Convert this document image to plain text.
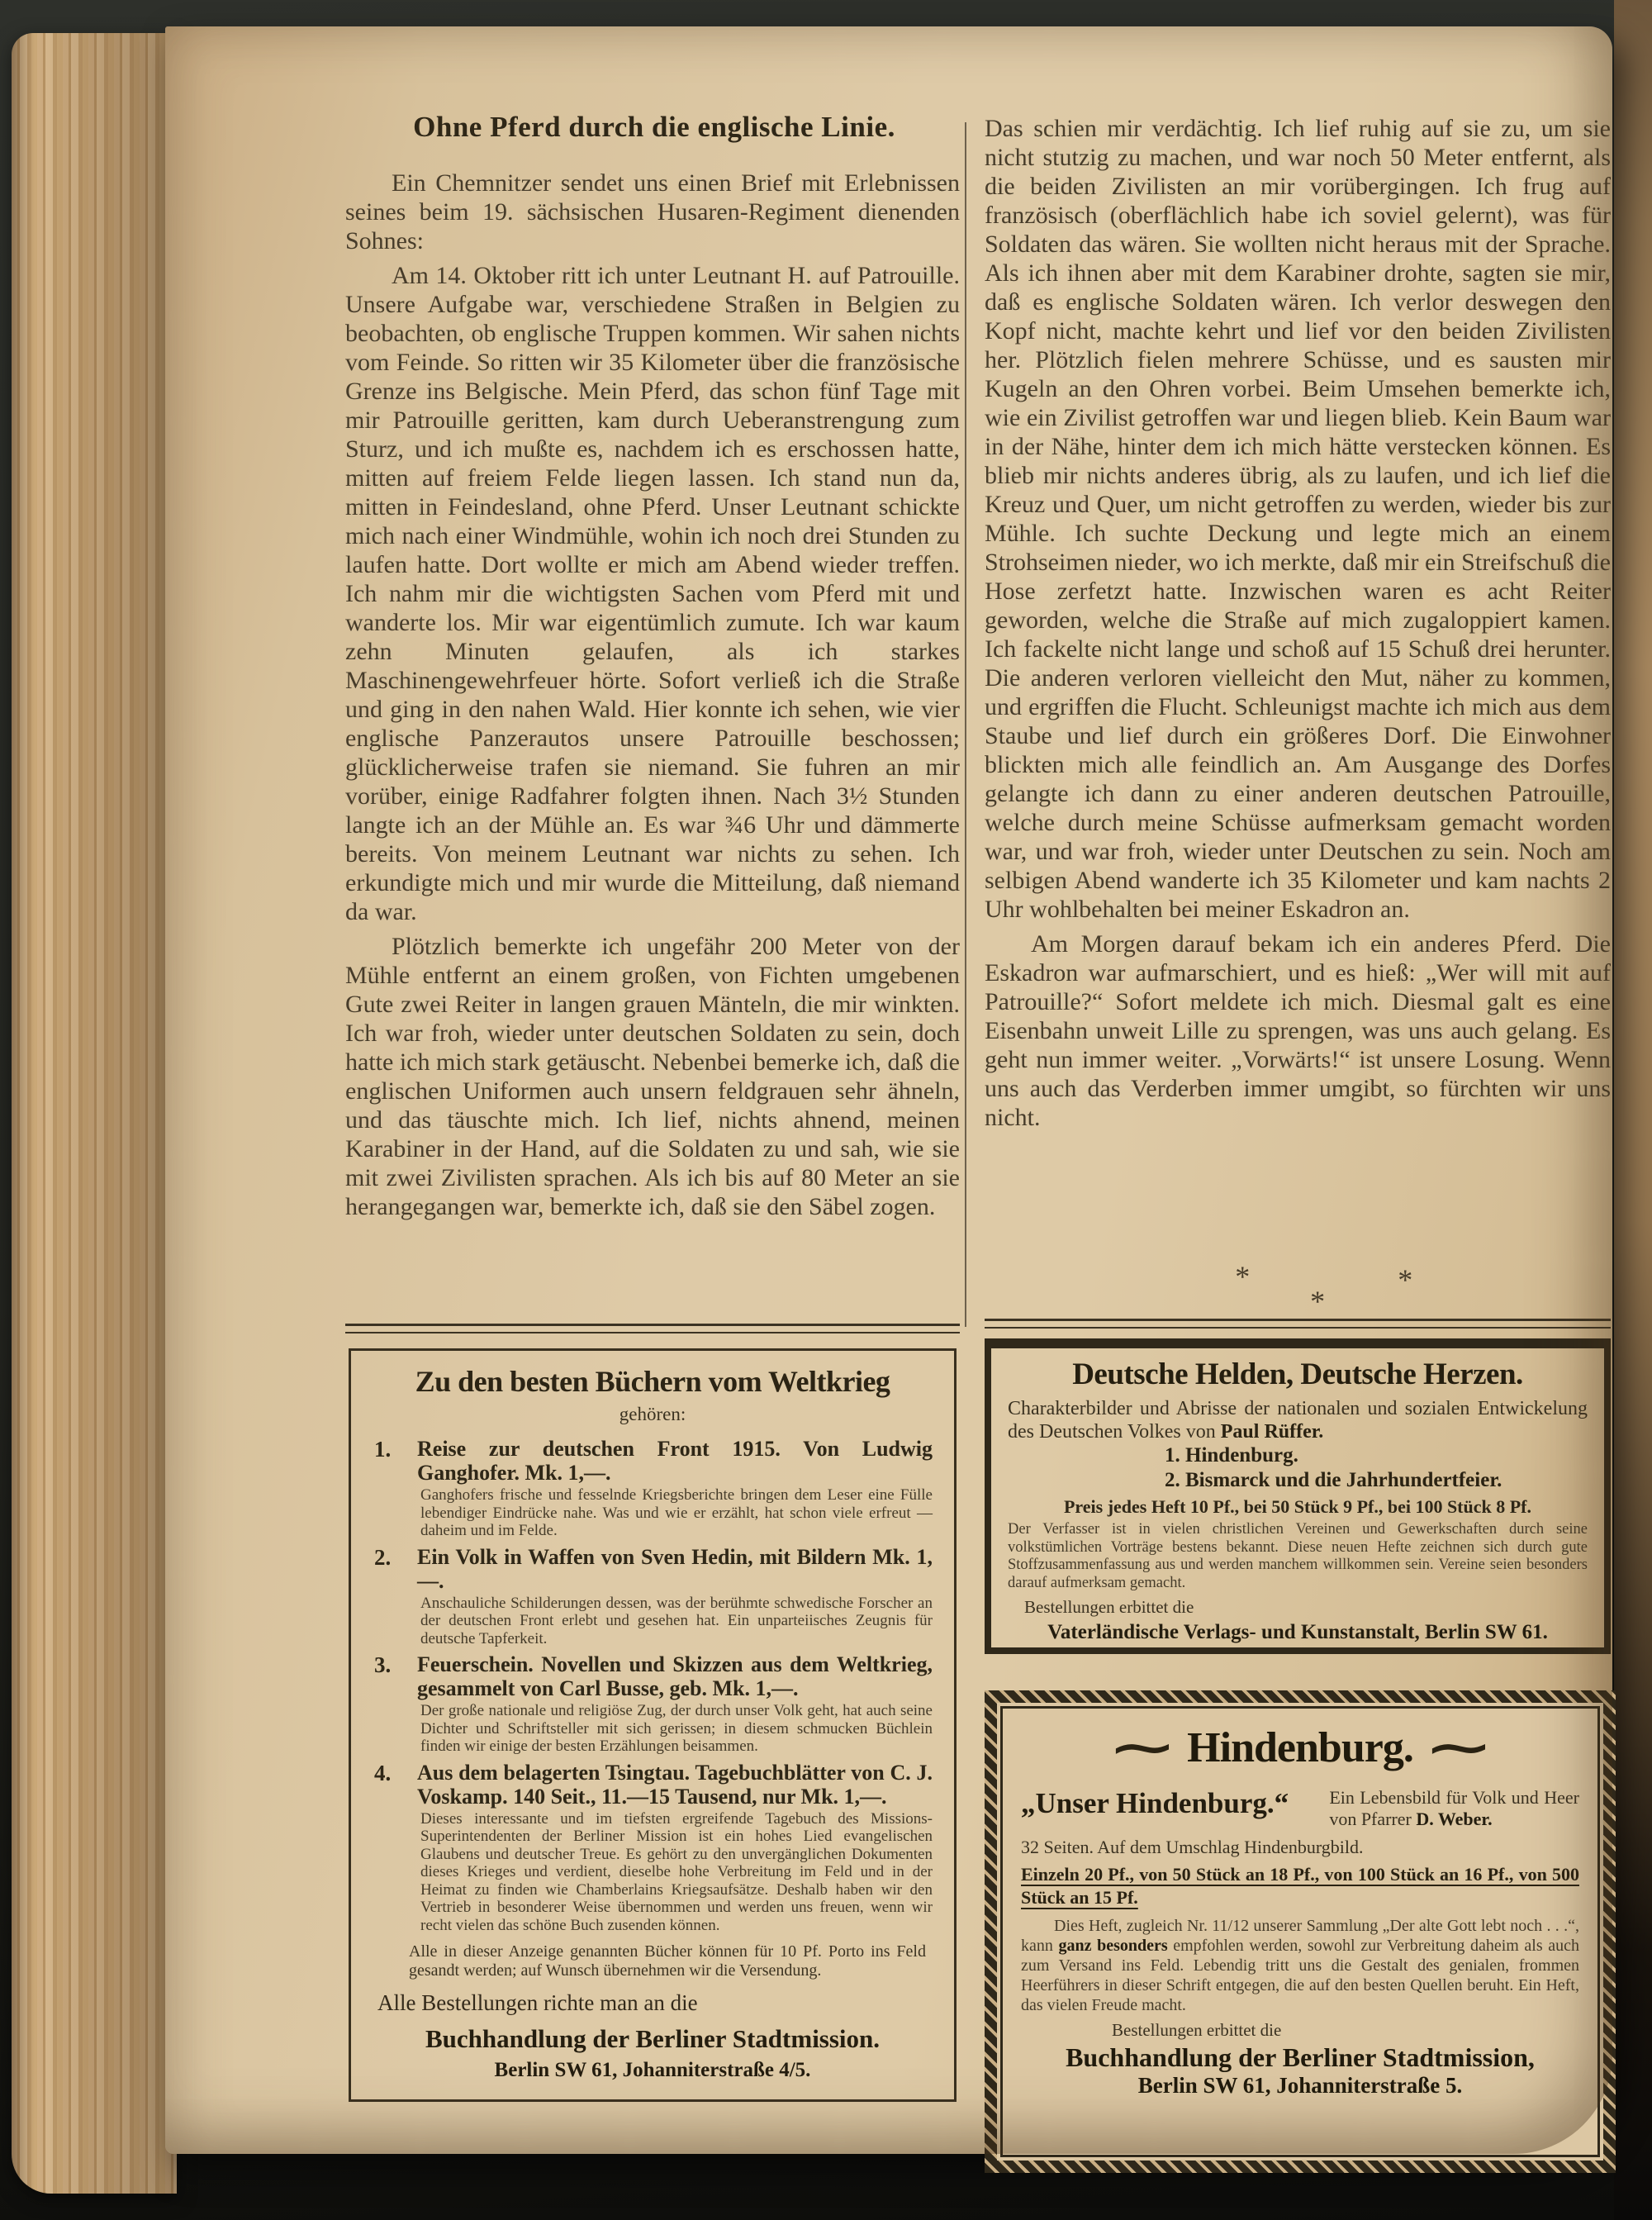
Ohne Pferd durch die englische Linie.

Ein Chemnitzer sendet uns einen Brief mit Erlebnissen seines beim 19. sächsischen Husaren-Regiment dienenden Sohnes:

Am 14. Oktober ritt ich unter Leutnant H. auf Patrouille. Unsere Aufgabe war, verschiedene Straßen in Belgien zu beobachten, ob englische Truppen kommen. Wir sahen nichts vom Feinde. So ritten wir 35 Kilometer über die französische Grenze ins Belgische. Mein Pferd, das schon fünf Tage mit mir Patrouille geritten, kam durch Ueberanstrengung zum Sturz, und ich mußte es, nachdem ich es erschossen hatte, mitten auf freiem Felde liegen lassen. Ich stand nun da, mitten in Feindesland, ohne Pferd. Unser Leutnant schickte mich nach einer Windmühle, wohin ich noch drei Stunden zu laufen hatte. Dort wollte er mich am Abend wieder treffen. Ich nahm mir die wichtigsten Sachen vom Pferd mit und wanderte los. Mir war eigentümlich zumute. Ich war kaum zehn Minuten gelaufen, als ich starkes Maschinengewehrfeuer hörte. Sofort verließ ich die Straße und ging in den nahen Wald. Hier konnte ich sehen, wie vier englische Panzerautos unsere Patrouille beschossen; glücklicherweise trafen sie niemand. Sie fuhren an mir vorüber, einige Radfahrer folgten ihnen. Nach 3½ Stunden langte ich an der Mühle an. Es war ¾6 Uhr und dämmerte bereits. Von meinem Leutnant war nichts zu sehen. Ich erkundigte mich und mir wurde die Mitteilung, daß niemand da war.

Plötzlich bemerkte ich ungefähr 200 Meter von der Mühle entfernt an einem großen, von Fichten umgebenen Gute zwei Reiter in langen grauen Mänteln, die mir winkten. Ich war froh, wieder unter deutschen Soldaten zu sein, doch hatte ich mich stark getäuscht. Nebenbei bemerke ich, daß die englischen Uniformen auch unsern feldgrauen sehr ähneln, und das täuschte mich. Ich lief, nichts ahnend, meinen Karabiner in der Hand, auf die Soldaten zu und sah, wie sie mit zwei Zivilisten sprachen. Als ich bis auf 80 Meter an sie herangegangen war, bemerkte ich, daß sie den Säbel zogen.

Das schien mir verdächtig. Ich lief ruhig auf sie zu, um sie nicht stutzig zu machen, und war noch 50 Meter entfernt, als die beiden Zivilisten an mir vorübergingen. Ich frug auf französisch (oberflächlich habe ich soviel gelernt), was für Soldaten das wären. Sie wollten nicht heraus mit der Sprache. Als ich ihnen aber mit dem Karabiner drohte, sagten sie mir, daß es englische Soldaten wären. Ich verlor deswegen den Kopf nicht, machte kehrt und lief vor den beiden Zivilisten her. Plötzlich fielen mehrere Schüsse, und es sausten mir Kugeln an den Ohren vorbei. Beim Umsehen bemerkte ich, wie ein Zivilist getroffen war und liegen blieb. Kein Baum war in der Nähe, hinter dem ich mich hätte verstecken können. Es blieb mir nichts anderes übrig, als zu laufen, und ich lief die Kreuz und Quer, um nicht getroffen zu werden, wieder bis zur Mühle. Ich suchte Deckung und legte mich an einem Strohseimen nieder, wo ich merkte, daß mir ein Streifschuß die Hose zerfetzt hatte. Inzwischen waren es acht Reiter geworden, welche die Straße auf mich zugaloppiert kamen. Ich fackelte nicht lange und schoß auf 15 Schuß drei herunter. Die anderen verloren vielleicht den Mut, näher zu kommen, und ergriffen die Flucht. Schleunigst machte ich mich aus dem Staube und lief durch ein größeres Dorf. Die Einwohner blickten mich alle feindlich an. Am Ausgange des Dorfes gelangte ich dann zu einer anderen deutschen Patrouille, welche durch meine Schüsse aufmerksam gemacht worden war, und war froh, wieder unter Deutschen zu sein. Noch am selbigen Abend wanderte ich 35 Kilometer und kam nachts 2 Uhr wohlbehalten bei meiner Eskadron an.

Am Morgen darauf bekam ich ein anderes Pferd. Die Eskadron war aufmarschiert, und es hieß: „Wer will mit auf Patrouille?“ Sofort meldete ich mich. Diesmal galt es eine Eisenbahn unweit Lille zu sprengen, was uns auch gelang. Es geht nun immer weiter. „Vorwärts!“ ist unsere Losung. Wenn uns auch das Verderben immer umgibt, so fürchten wir uns nicht.

*	*
*
Zu den besten Büchern vom Weltkrieg
gehören:
1. Reise zur deutschen Front 1915. Von Ludwig Ganghofer. Mk. 1,—.
Ganghofers frische und fesselnde Kriegsberichte bringen dem Leser eine Fülle lebendiger Eindrücke nahe. Was und wie er erzählt, hat schon viele erfreut — daheim und im Felde.
2. Ein Volk in Waffen von Sven Hedin, mit Bildern Mk. 1,—.
Anschauliche Schilderungen dessen, was der berühmte schwedische Forscher an der deutschen Front erlebt und gesehen hat. Ein unparteiisches Zeugnis für deutsche Tapferkeit.
3. Feuerschein. Novellen und Skizzen aus dem Weltkrieg, gesammelt von Carl Busse, geb. Mk. 1,—.
Der große nationale und religiöse Zug, der durch unser Volk geht, hat auch seine Dichter und Schriftsteller mit sich gerissen; in diesem schmucken Büchlein finden wir einige der besten Erzählungen beisammen.
4. Aus dem belagerten Tsingtau. Tagebuchblätter von C. J. Voskamp. 140 Seit., 11.—15 Tausend, nur Mk. 1,—.
Dieses interessante und im tiefsten ergreifende Tagebuch des Missions-Superintendenten der Berliner Mission ist ein hohes Lied evangelischen Glaubens und deutscher Treue. Es gehört zu den unvergänglichen Dokumenten dieses Krieges und verdient, dieselbe hohe Verbreitung im Feld und in der Heimat zu finden wie Chamberlains Kriegsaufsätze. Deshalb haben wir den Vertrieb in besonderer Weise übernommen und werden uns freuen, wenn wir recht vielen das schöne Buch zusenden können.
Alle in dieser Anzeige genannten Bücher können für 10 Pf. Porto ins Feld gesandt werden; auf Wunsch übernehmen wir die Versendung.
Alle Bestellungen richte man an die
Buchhandlung der Berliner Stadtmission.
Berlin SW 61, Johanniterstraße 4/5.
Deutsche Helden, Deutsche Herzen.
Charakterbilder und Abrisse der nationalen und sozialen Entwickelung des Deutschen Volkes von Paul Rüffer.
1. Hindenburg.
2. Bismarck und die Jahrhundertfeier.
Preis jedes Heft 10 Pf., bei 50 Stück 9 Pf., bei 100 Stück 8 Pf.
Der Verfasser ist in vielen christlichen Vereinen und Gewerkschaften durch seine volkstümlichen Vorträge bestens bekannt. Diese neuen Hefte zeichnen sich durch gute Stoffzusammenfassung aus und werden manchem willkommen sein. Vereine seien besonders darauf aufmerksam gemacht.
Bestellungen erbittet die
Vaterländische Verlags- und Kunstanstalt, Berlin SW 61.
∼ Hindenburg. ∼
„Unser Hindenburg.“	Ein Lebensbild für Volk und Heer von Pfarrer D. Weber.
32 Seiten. Auf dem Umschlag Hindenburgbild.
Einzeln 20 Pf., von 50 Stück an 18 Pf., von 100 Stück an 16 Pf., von 500 Stück an 15 Pf.
Dies Heft, zugleich Nr. 11/12 unserer Sammlung „Der alte Gott lebt noch . . .“, kann ganz besonders empfohlen werden, sowohl zur Verbreitung daheim als auch zum Versand ins Feld. Lebendig tritt uns die Gestalt des genialen, frommen Heerführers in dieser Schrift entgegen, die auf den besten Quellen beruht. Ein Heft, das vielen Freude macht.
Bestellungen erbittet die
Buchhandlung der Berliner Stadtmission,
Berlin SW 61, Johanniterstraße 5.
